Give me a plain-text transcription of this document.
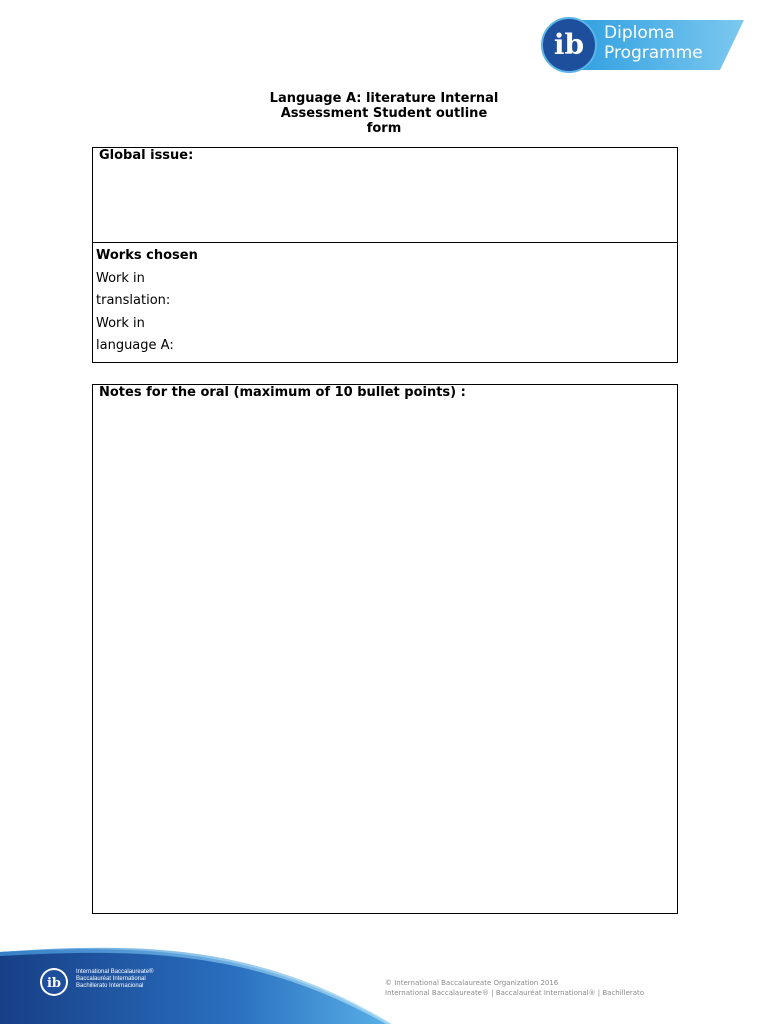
ib Diploma
Programme
Language A: literature Internal
Assessment Student outline
form
Global issue:
Works chosen
Work in
translation:
Work in
language A:
Notes for the oral (maximum of 10 bullet points) :
ib
International Baccalaureate®
Baccalauréat International
Bachillerato Internacional	© International Baccalaureate Organization 2016
International Baccalaureate® | Baccalauréat International® | Bachillerato
